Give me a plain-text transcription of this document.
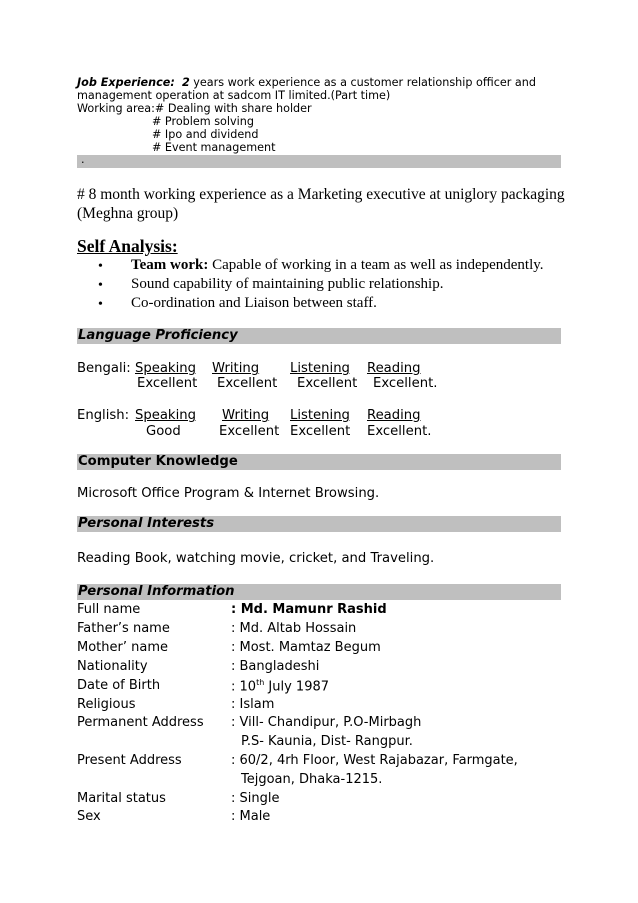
Job Experience: 2 years work experience as a customer relationship officer and
management operation at sadcom IT limited.(Part time)
Working area:# Dealing with share holder
# Problem solving
# Ipo and dividend
# Event management
.
# 8 month working experience as a Marketing executive at uniglory packaging
(Meghna group)
Self Analysis:
• Team work: Capable of working in a team as well as independently.
• Sound capability of maintaining public relationship.
• Co-ordination and Liaison between staff.
Language Proficiency
Bengali: Speaking Writing Listening Reading
Excellent Excellent Excellent Excellent.
English: Speaking Writing Listening Reading
Good	Excellent Excellent Excellent.
Computer Knowledge
Microsoft Office Program & Internet Browsing.
Personal Interests
Reading Book, watching movie, cricket, and Traveling.
Personal Information
Full name	: Md. Mamunr Rashid
Father’s name	: Md. Altab Hossain
Mother’ name	: Most. Mamtaz Begum
Nationality	: Bangladeshi
Date of Birth	: 10th July 1987
Religious	: Islam
Permanent Address : Vill- Chandipur, P.O-Mirbagh
P.S- Kaunia, Dist- Rangpur.
Present Address	: 60/2, 4rh Floor, West Rajabazar, Farmgate,
Tejgoan, Dhaka-1215.
Marital status	: Single
Sex	: Male
